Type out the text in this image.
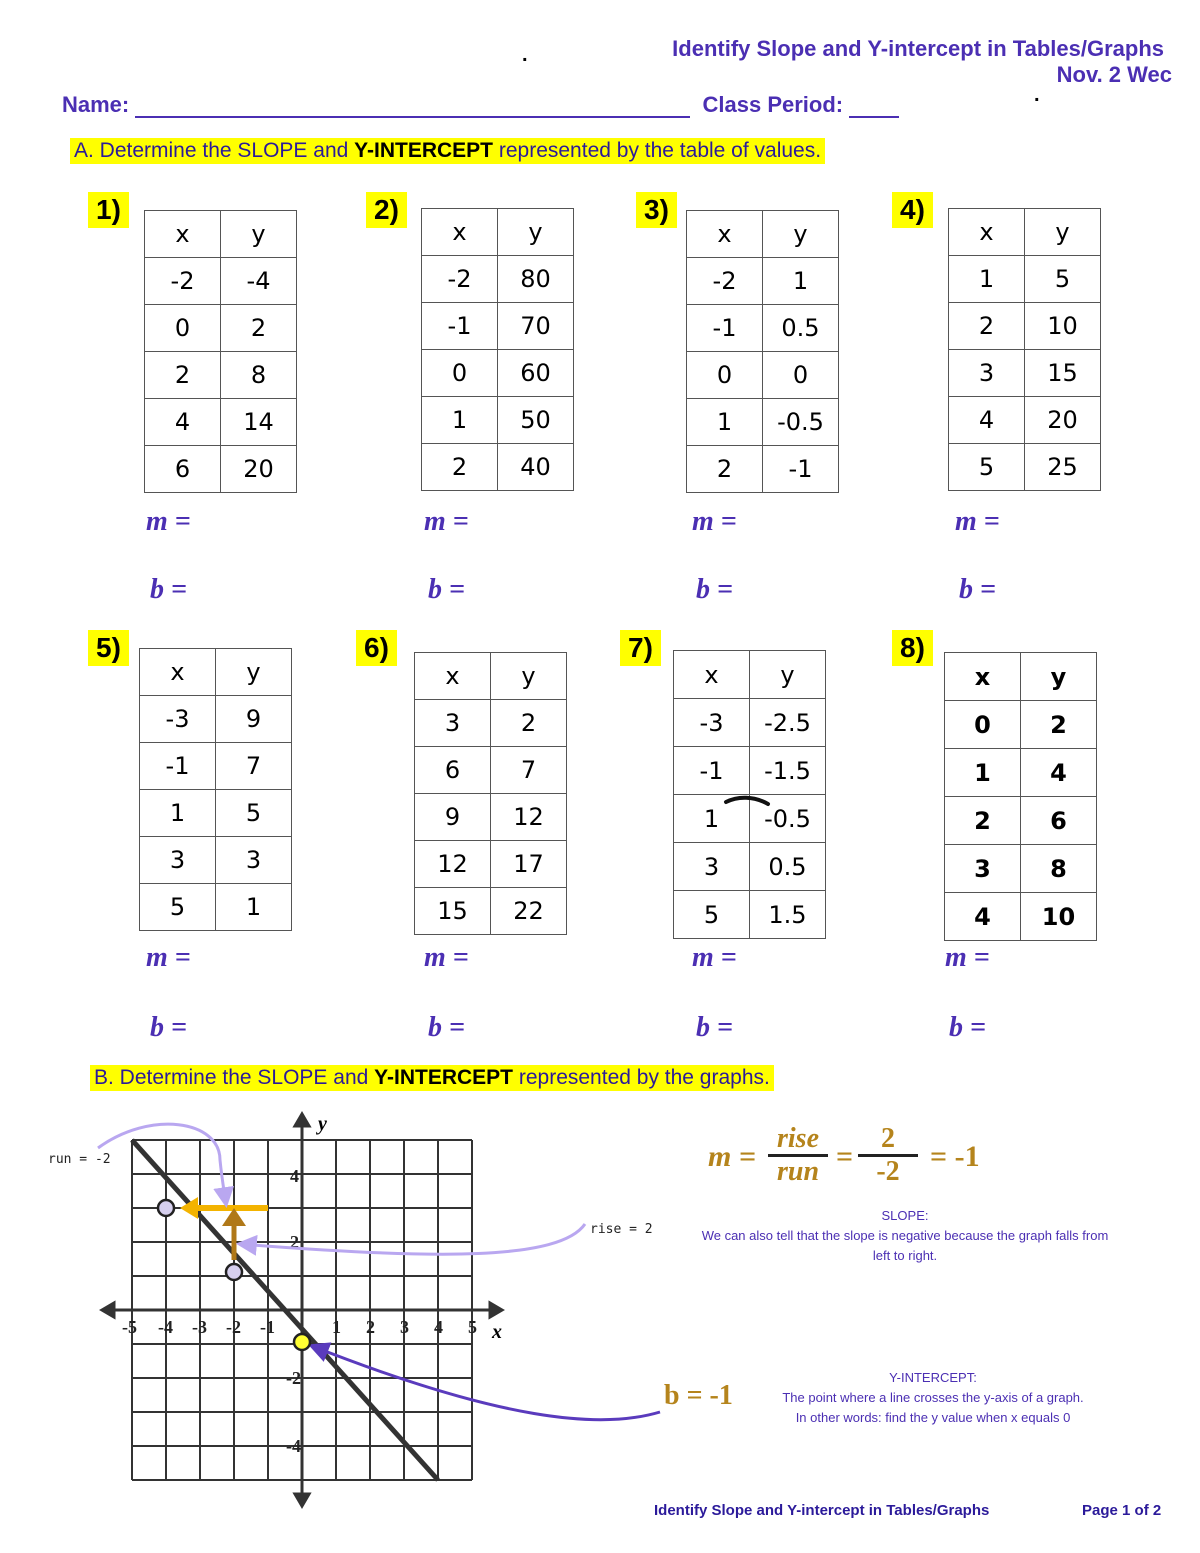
.
.
Identify Slope and Y-intercept in Tables/Graphs
Nov. 2 Wec
Name:	Class Period:
A. Determine the SLOPE and Y-INTERCEPT represented by the table of values.
1)
x	y
-2	-4
0	2
2	8
4	14
6	20
m =
b =
2)
x	y
-2	80
-1	70
0	60
1	50
2	40
m =
b =
3)
x	y
-2	1
-1	0.5
0	0
1	-0.5
2	-1
m =
b =
4)
x	y
1	5
2	10
3	15
4	20
5	25
m =
b =
5)
x	y
-3	9
-1	7
1	5
3	3
5	1
m =
b =
6)
x	y
3	2
6	7
9	12
12	17
15	22
m =
b =
7)
x	y
-3	-2.5
-1	-1.5
1	-0.5
3	0.5
5	1.5
m =
b =
8)
x	y
0	2
1	4
2	6
3	8
4	10
m =
b =
B. Determine the SLOPE and Y-INTERCEPT represented by the graphs.
y
x
-5 -4 -3 -2 -1	1 2 3 4 5
4
2
-2
-4
run = -2
rise = 2
m =
rise
run = $\frac{2}{-2} = -1$
SLOPE:
We can also tell that the slope is negative because the graph falls from left to right.
b = -1
Y-INTERCEPT:
The point where a line crosses the y-axis of a graph.
In other words: find the y value when x equals 0
Identify Slope and Y-intercept in Tables/Graphs	Page 1 of 2
